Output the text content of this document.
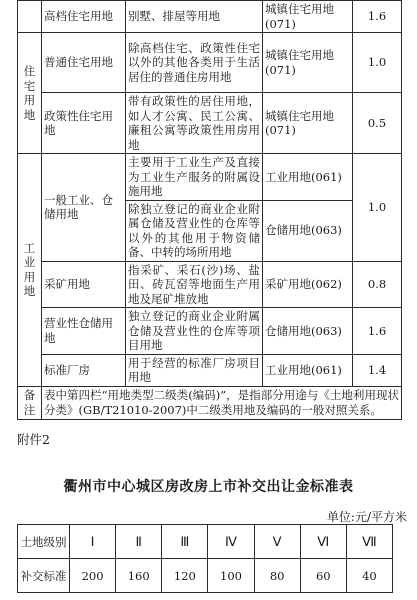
	高档住宅用地	别墅、排屋等用地	城镇住宅用地(071)	1.6
住宅用地	普通住宅用地	除高档住宅、政策性住宅以外的其他各类用于生活居住的普通住房用地	城镇住宅用地(071)	1.0
	政策性住宅用地	带有政策性的居住用地，如人才公寓、民工公寓、廉租公寓等政策性用房用地	城镇住宅用地(071)	0.5
工业用地	一般工业、仓储用地	主要用于工业生产及直接为工业生产服务的附属设施用地	工业用地(061)	1.0
		除独立登记的商业企业附属仓储及营业性的仓库等以外的其他用于物资储备、中转的场所用地	仓储用地(063)	
	采矿用地	指采矿、采石(沙)场、盐田、砖瓦窑等地面生产用地及尾矿堆放地	采矿用地(062)	0.8
	营业性仓储用地	独立登记的商业企业附属仓储及营业性的仓库等项目用地	仓储用地(063)	1.6
	标准厂房	用于经营的标准厂房项目用地	工业用地(061)	1.4
备注	表中第四栏“用地类型二级类(编码)”，是指部分用途与《土地利用现状分类》(GB/T21010-2007)中二级类用地及编码的一般对照关系。			
附件2
衢州市中心城区房改房上市补交出让金标准表
单位:元/平方米
土地级别	Ⅰ	Ⅱ	Ⅲ	Ⅳ	Ⅴ	Ⅵ	Ⅶ
补交标准	200	160	120	100	80	60	40
